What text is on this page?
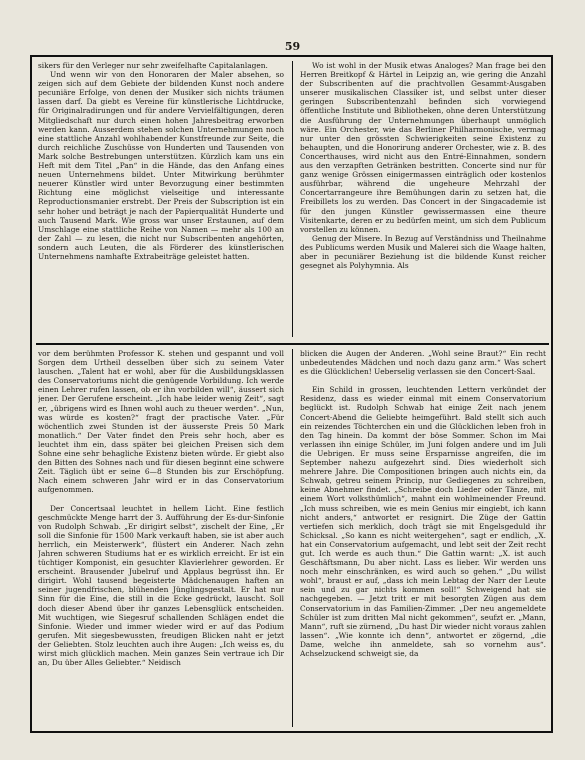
59

sikers für den Verleger nur sehr zweifelhafte Capitalanlagen.

Und wenn wir von den Honoraren der Maler absehen, so zeigen sich auf dem Gebiete der bildenden Kunst noch andere pecuniäre Erfolge, von denen der Musiker sich nichts träumen lassen darf. Da giebt es Vereine für künstlerische Lichtdrucke, für Originalradirungen und für andere Vervielfältigungen, deren Mitgliedschaft nur durch einen hohen Jahresbeitrag erworben werden kann. Ausserdem stehen solchen Unternehmungen noch eine stattliche Anzahl wohlhabender Kunstfreunde zur Seite, die durch reichliche Zuschüsse von Hunderten und Tausenden von Mark solche Bestrebungen unterstützen. Kürzlich kam uns ein Heft mit dem Titel „Pan“ in die Hände, das den Anfang eines neuen Unternehmens bildet. Unter Mitwirkung berühmter neuerer Künstler wird unter Bevorzugung einer bestimmten Richtung eine möglichst vielseitige und interessante Reproductionsmanier erstrebt. Der Preis der Subscription ist ein sehr hoher und beträgt je nach der Papierqualität Hunderte und auch Tausend Mark. Wie gross war unser Erstaunen, auf dem Umschlage eine stattliche Reihe von Namen — mehr als 100 an der Zahl — zu lesen, die nicht nur Subscribenten angehörten, sondern auch Leuten, die als Förderer des künstlerischen Unternehmens namhafte Extrabeiträge geleistet hatten.

Wo ist wohl in der Musik etwas Analoges? Man frage bei den Herren Breitkopf & Härtel in Leipzig an, wie gering die Anzahl der Subscribenten auf die prachtvollen Gesammt-Ausgaben unserer musikalischen Classiker ist, und selbst unter dieser geringen Subscribentenzahl befinden sich vorwiegend öffentliche Institute und Bibliotheken, ohne deren Unterstützung die Ausführung der Unternehmungen überhaupt unmöglich wäre. Ein Orchester, wie das Berliner Philharmonische, vermag nur unter den grössten Schwierigkeiten seine Existenz zu behaupten, und die Honorirung anderer Orchester, wie z. B. des Concerthauses, wird nicht aus den Entré-Einnahmen, sondern aus den verzapften Getränken bestritten. Concerte sind nur für ganz wenige Grössen einigermassen einträglich oder kostenlos ausführbar, während die ungeheure Mehrzahl der Concertarrangeure ihre Bemühungen darin zu setzen hat, die Freibillets los zu werden. Das Concert in der Singacademie ist für den jungen Künstler gewissermassen eine theure Visitenkarte, deren er zu bedürfen meint, um sich dem Publicum vorstellen zu können.

Genug der Misere. In Bezug auf Verständniss und Theilnahme des Publicums werden Musik und Malerei sich die Waage halten, aber in pecuniärer Beziehung ist die bildende Kunst reicher gesegnet als Polyhymnia. Als

vor dem berühmten Professor K. stehen und gespannt und voll Sorgen dem Urtheil desselben über sich zu seinem Vater lauschen. „Talent hat er wohl, aber für die Ausbildungsklassen des Conservatoriums nicht die genügende Vorbildung. Ich werde einen Lehrer rufen lassen, ob er ihn vorbilden will“, äussert sich jener. Der Gerufene erscheint. „Ich habe leider wenig Zeit“, sagt er, „übrigens wird es Ihnen wohl auch zu theuer werden“. „Nun, was würde es kosten?“ fragt der practische Vater. „Für wöchentlich zwei Stunden ist der äusserste Preis 50 Mark monatlich.“ Der Vater findet den Preis sehr hoch, aber es leuchtet ihm ein, dass später bei gleichen Preisen sich dem Sohne eine sehr behagliche Existenz bieten würde. Er giebt also den Bitten des Sohnes nach und für diesen beginnt eine schwere Zeit. Täglich übt er seine 6—8 Stunden bis zur Erschöpfung. Nach einem schweren Jahr wird er in das Conservatorium aufgenommen.

Der Concertsaal leuchtet in hellem Licht. Eine festlich geschmückte Menge harrt der 3. Aufführung der Es-dur-Sinfonie von Rudolph Schwab. „Er dirigirt selbst“, zischelt der Eine, „Er soll die Sinfonie für 1500 Mark verkauft haben, sie ist aber auch herrlich, ein Meisterwerk“, flüstert ein Anderer. Nach zehn Jahren schweren Studiums hat er es wirklich erreicht. Er ist ein tüchtiger Komponist, ein gesuchter Klavierlehrer geworden. Er erscheint. Brausender Jubelruf und Applaus begrüsst ihn. Er dirigirt. Wohl tausend begeisterte Mädchenaugen haften an seiner jugendfrischen, blühenden Jünglingsgestalt. Er hat nur Sinn für die Eine, die still in die Ecke gedrückt, lauscht. Soll doch dieser Abend über ihr ganzes Lebensglück entscheiden. Mit wuchtigen, wie Siegesruf schallenden Schlägen endet die Sinfonie. Wieder und immer wieder wird er auf das Podium gerufen. Mit siegesbewussten, freudigen Blicken naht er jetzt der Geliebten. Stolz leuchten auch ihre Augen: „Ich weiss es, du wirst mich glücklich machen. Mein ganzes Sein vertraue ich Dir an, Du über Alles Geliebter.“ Neidisch

blicken die Augen der Anderen. „Wohl seine Braut?“ Ein recht unbedeutendes Mädchen und noch dazu ganz arm.“ Was schert es die Glücklichen! Ueberselig verlassen sie den Concert-Saal.

Ein Schild in grossen, leuchtenden Lettern verkündet der Residenz, dass es wieder einmal mit einem Conservatorium beglückt ist. Rudolph Schwab hat einige Zeit nach jenem Concert-Abend die Geliebte heimgeführt. Bald stellt sich auch ein reizendes Töchterchen ein und die Glücklichen leben froh in den Tag hinein. Da kommt der böse Sommer. Schon im Mai verlassen ihn einige Schüler, im Juni folgen andere und im Juli die Uebrigen. Er muss seine Ersparnisse angreifen, die im September nahezu aufgezehrt sind. Dies wiederholt sich mehrere Jahre. Die Compositionen bringen auch nichts ein, da Schwab, getreu seinem Princip, nur Gediegenes zu schreiben, keine Abnehmer findet. „Schreibe doch Lieder oder Tänze, mit einem Wort volksthümlich“, mahnt ein wohlmeinender Freund. „Ich muss schreiben, wie es mein Genius mir eingiebt, ich kann nicht anders,“ antwortet er resignirt. Die Züge der Gattin vertiefen sich merklich, doch trägt sie mit Engelsgeduld ihr Schicksal. „So kann es nicht weitergehen“, sagt er endlich, „X. hat ein Conservatorium aufgemacht, und lebt seit der Zeit recht gut. Ich werde es auch thun.“ Die Gattin warnt: „X. ist auch Geschäftsmann, Du aber nicht. Lass es lieber. Wir werden uns noch mehr einschränken, es wird auch so gehen.“ „Du willst wohl“, braust er auf, „dass ich mein Lebtag der Narr der Leute sein und zu gar nichts kommen soll!“ Schweigend hat sie nachgegeben. — Jetzt tritt er mit besorgten Zügen aus dem Conservatorium in das Familien-Zimmer. „Der neu angemeldete Schüler ist zum dritten Mal nicht gekommen“, seufzt er. „Mann, Mann“, ruft sie zürnend, „Du hast Dir wieder nicht voraus zahlen lassen“. „Wie konnte ich denn“, antwortet er zögernd, „die Dame, welche ihn anmeldete, sah so vornehm aus“. Achselzuckend schweigt sie, da
